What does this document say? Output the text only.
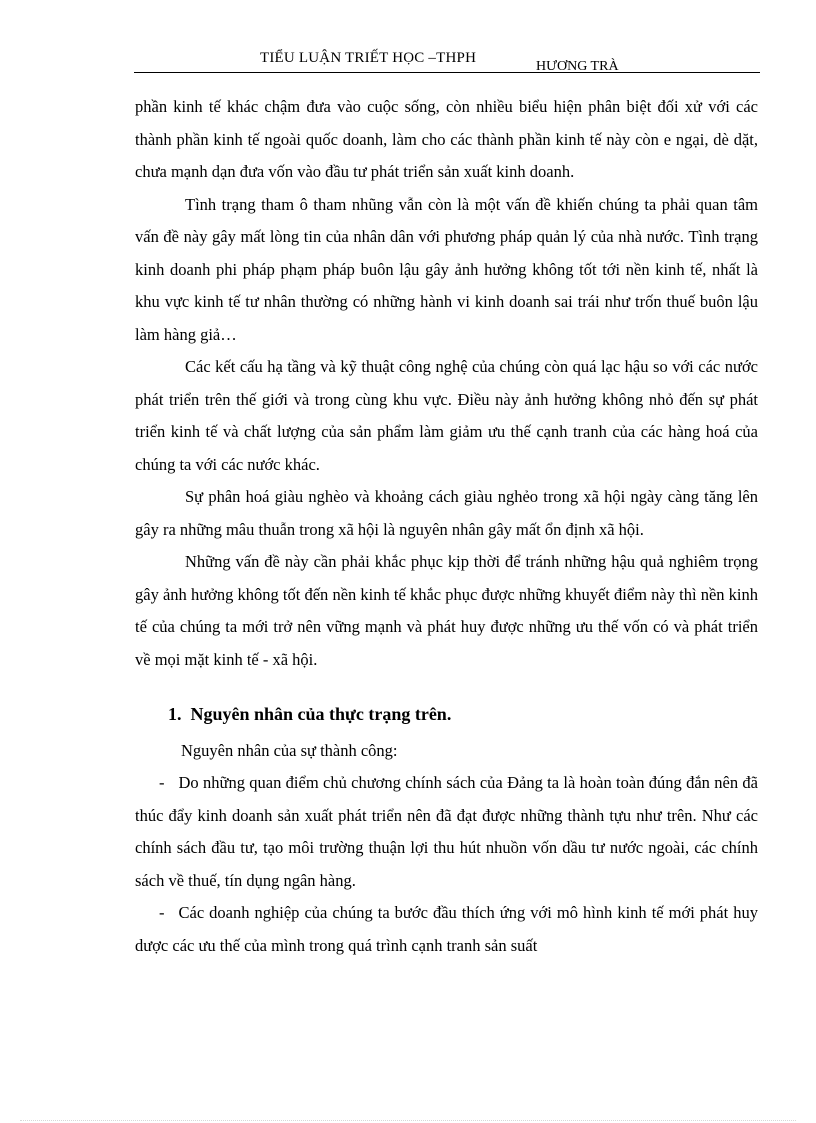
TIỂU LUẬN TRIẾT HỌC –THPH
HƯƠNG TRÀ

phần kinh tế khác chậm đưa vào cuộc sống, còn nhiều biểu hiện phân biệt đối xử với các thành phần kinh tế ngoài quốc doanh, làm cho các thành phần kinh tế này còn e ngại, dè dặt, chưa mạnh dạn đưa vốn vào đầu tư phát triển sản xuất kinh doanh.

Tình trạng tham ô tham nhũng vẫn còn là một vấn đề khiến chúng ta phải quan tâm vấn đề này gây mất lòng tin của nhân dân với phương pháp quản lý của nhà nước. Tình trạng kinh doanh phi pháp phạm pháp buôn lậu gây ảnh hưởng không tốt tới nền kinh tế, nhất là khu vực kinh tế tư nhân thường có những hành vi kinh doanh sai trái như trốn thuế buôn lậu làm hàng giả…

Các kết cấu hạ tầng và kỹ thuật công nghệ của chúng còn quá lạc hậu so với các nước phát triển trên thế giới và trong cùng khu vực. Điều này ảnh hưởng không nhỏ đến sự phát triển kinh tế và chất lượng của sản phẩm làm giảm ưu thế cạnh tranh của các hàng hoá của chúng ta với các nước khác.

Sự phân hoá giàu nghèo và khoảng cách giàu nghẻo trong xã hội ngày càng tăng lên gây ra những mâu thuẫn trong xã hội là nguyên nhân gây mất ổn định xã hội.

Những vấn đề này cần phải khắc phục kịp thời để tránh những hậu quả nghiêm trọng gây ảnh hưởng không tốt đến nền kinh tế khắc phục được những khuyết điểm này thì nền kinh tế của chúng ta mới trở nên vững mạnh và phát huy được những ưu thế vốn có và phát triển về mọi mặt kinh tế - xã hội.

1. Nguyên nhân của thực trạng trên.

Nguyên nhân của sự thành công:

- Do những quan điểm chủ chương chính sách của Đảng ta là hoàn toàn đúng đắn nên đã thúc đẩy kinh doanh sản xuất phát triển nên đã đạt được những thành tựu như trên. Như các chính sách đầu tư, tạo môi trường thuận lợi thu hút nhuồn vốn dầu tư nước ngoài, các chính sách về thuế, tín dụng ngân hàng.

- Các doanh nghiệp của chúng ta bước đầu thích ứng với mô hình kinh tế mới phát huy dược các ưu thế của mình trong quá trình cạnh tranh sản suất
